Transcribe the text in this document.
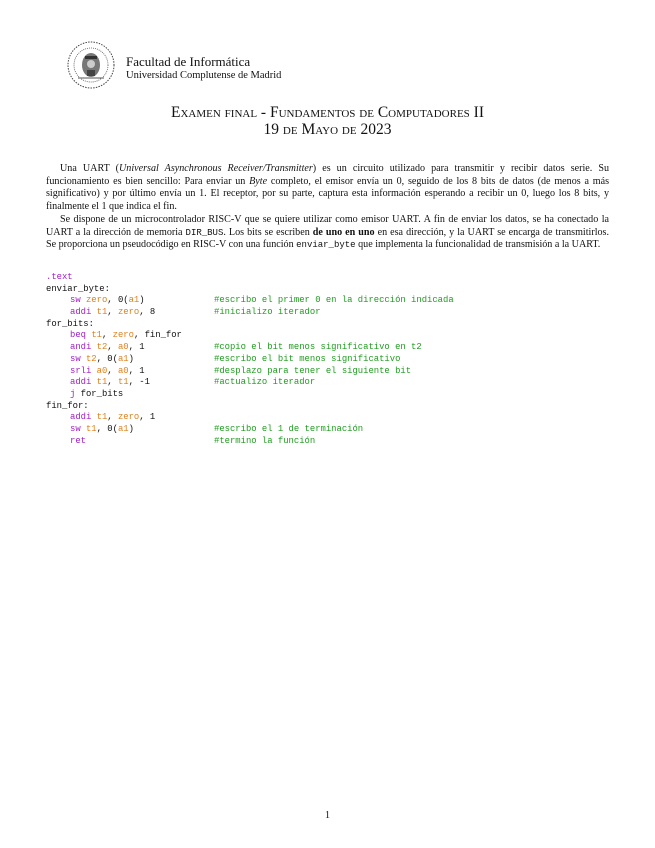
Facultad de Informática
Universidad Complutense de Madrid
Examen final - Fundamentos de Computadores II
19 de Mayo de 2023

Una UART (Universal Asynchronous Receiver/Transmitter) es un circuito utilizado para transmitir y recibir datos serie. Su funcionamiento es bien sencillo: Para enviar un Byte completo, el emisor envía un 0, seguido de los 8 bits de datos (de menos a más significativo) y por último envía un 1. El receptor, por su parte, captura esta información esperando a recibir un 0, luego los 8 bits, y finalmente el 1 que indica el fin.

Se dispone de un microcontrolador RISC-V que se quiere utilizar como emisor UART. A fin de enviar los datos, se ha conectado la UART a la dirección de memoria DIR_BUS. Los bits se escriben de uno en uno en esa dirección, y la UART se encarga de transmitirlos. Se proporciona un pseudocódigo en RISC-V con una función enviar_byte que implementa la funcionalidad de transmisión a la UART.

.text
enviar_byte:
sw zero, 0(a1)	#escribo el primer 0 en la dirección indicada
addi t1, zero, 8	#inicializo iterador
for_bits:
beq t1, zero, fin_for
andi t2, a0, 1	#copio el bit menos significativo en t2
sw t2, 0(a1)	#escribo el bit menos significativo
srli a0, a0, 1	#desplazo para tener el siguiente bit
addi t1, t1, -1	#actualizo iterador
j for_bits
fin_for:
addi t1, zero, 1
sw t1, 0(a1)	#escribo el 1 de terminación
ret	#termino la función
1
